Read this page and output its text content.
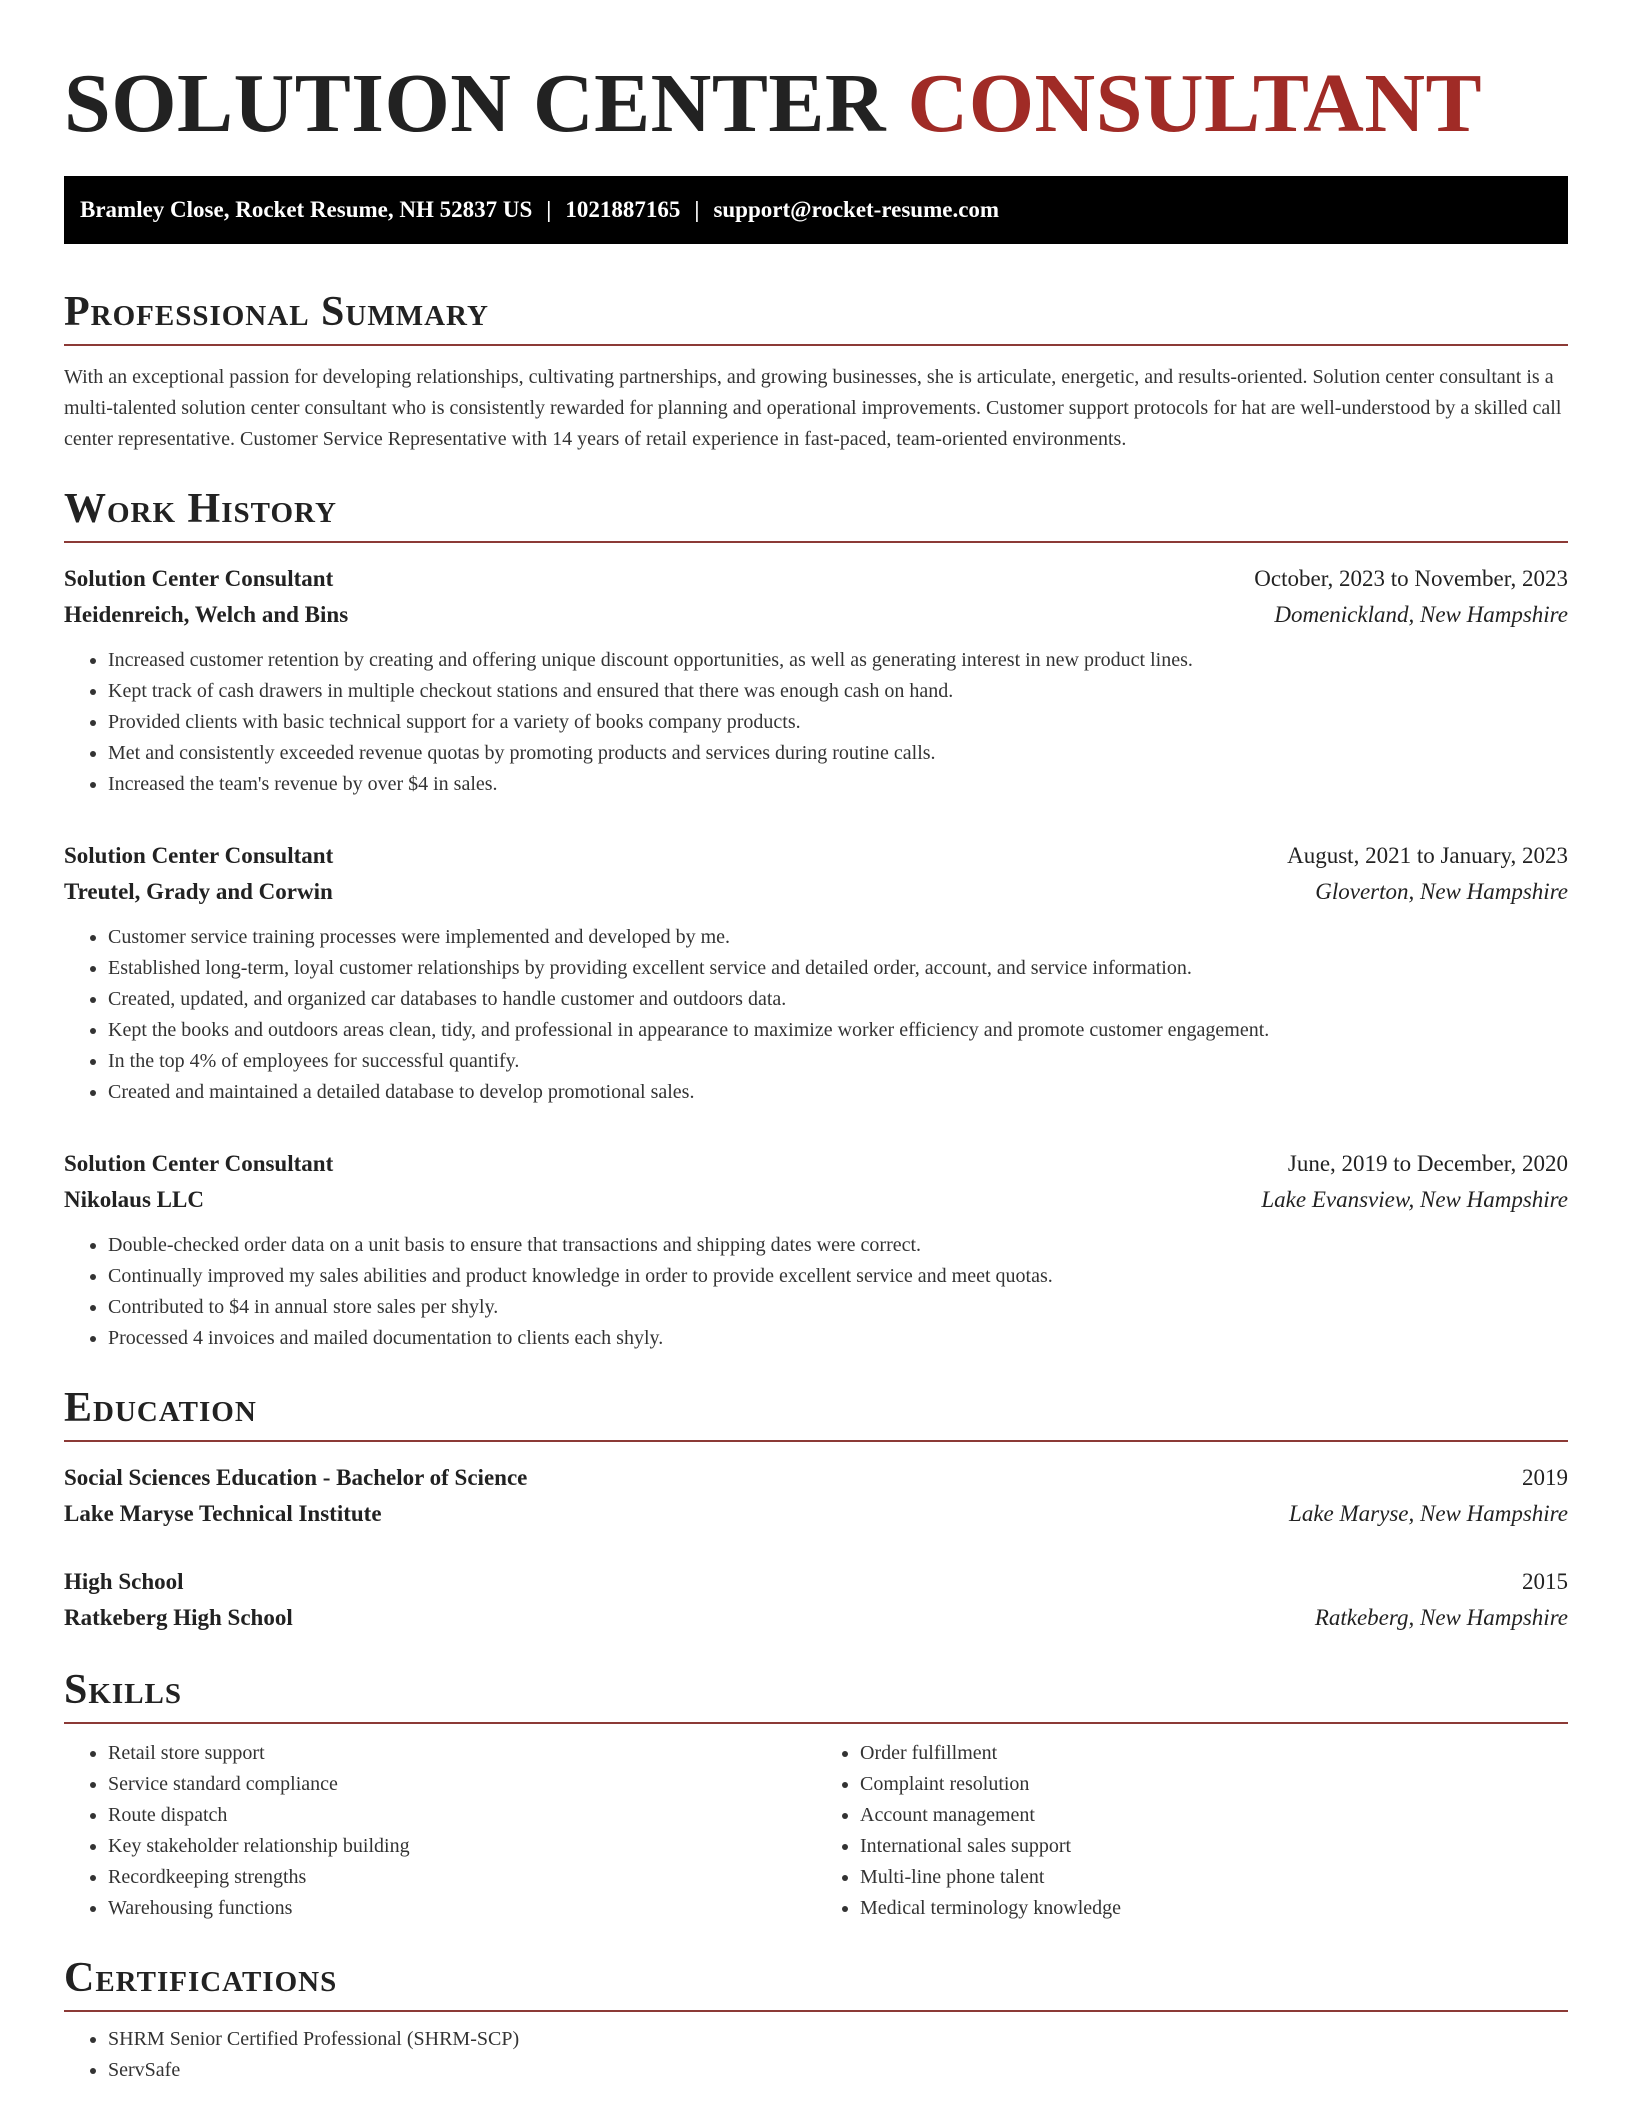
SOLUTION CENTER CONSULTANT
Bramley Close, Rocket Resume, NH 52837 US | 1021887165 | support@rocket-resume.com
Professional Summary

With an exceptional passion for developing relationships, cultivating partnerships, and growing businesses, she is articulate, energetic, and results-oriented. Solution center consultant is a multi-talented solution center consultant who is consistently rewarded for planning and operational improvements. Customer support protocols for hat are well-understood by a skilled call center representative. Customer Service Representative with 14 years of retail experience in fast-paced, team-oriented environments.

Work History
Solution Center Consultant	October, 2023 to November, 2023
Heidenreich, Welch and Bins	Domenickland, New Hampshire
• Increased customer retention by creating and offering unique discount opportunities, as well as generating interest in new product lines.
• Kept track of cash drawers in multiple checkout stations and ensured that there was enough cash on hand.
• Provided clients with basic technical support for a variety of books company products.
• Met and consistently exceeded revenue quotas by promoting products and services during routine calls.
• Increased the team's revenue by over $4 in sales.
Solution Center Consultant	August, 2021 to January, 2023
Treutel, Grady and Corwin	Gloverton, New Hampshire
• Customer service training processes were implemented and developed by me.
• Established long-term, loyal customer relationships by providing excellent service and detailed order, account, and service information.
• Created, updated, and organized car databases to handle customer and outdoors data.
• Kept the books and outdoors areas clean, tidy, and professional in appearance to maximize worker efficiency and promote customer engagement.
• In the top 4% of employees for successful quantify.
• Created and maintained a detailed database to develop promotional sales.
Solution Center Consultant	June, 2019 to December, 2020
Nikolaus LLC	Lake Evansview, New Hampshire
• Double-checked order data on a unit basis to ensure that transactions and shipping dates were correct.
• Continually improved my sales abilities and product knowledge in order to provide excellent service and meet quotas.
• Contributed to $4 in annual store sales per shyly.
• Processed 4 invoices and mailed documentation to clients each shyly.
Education
Social Sciences Education - Bachelor of Science	2019
Lake Maryse Technical Institute	Lake Maryse, New Hampshire
High School	2015
Ratkeberg High School	Ratkeberg, New Hampshire
Skills
• Retail store support
• Service standard compliance
• Route dispatch
• Key stakeholder relationship building
• Recordkeeping strengths
• Warehousing functions
• Order fulfillment
• Complaint resolution
• Account management
• International sales support
• Multi-line phone talent
• Medical terminology knowledge
Certifications
• SHRM Senior Certified Professional (SHRM-SCP)
• ServSafe
